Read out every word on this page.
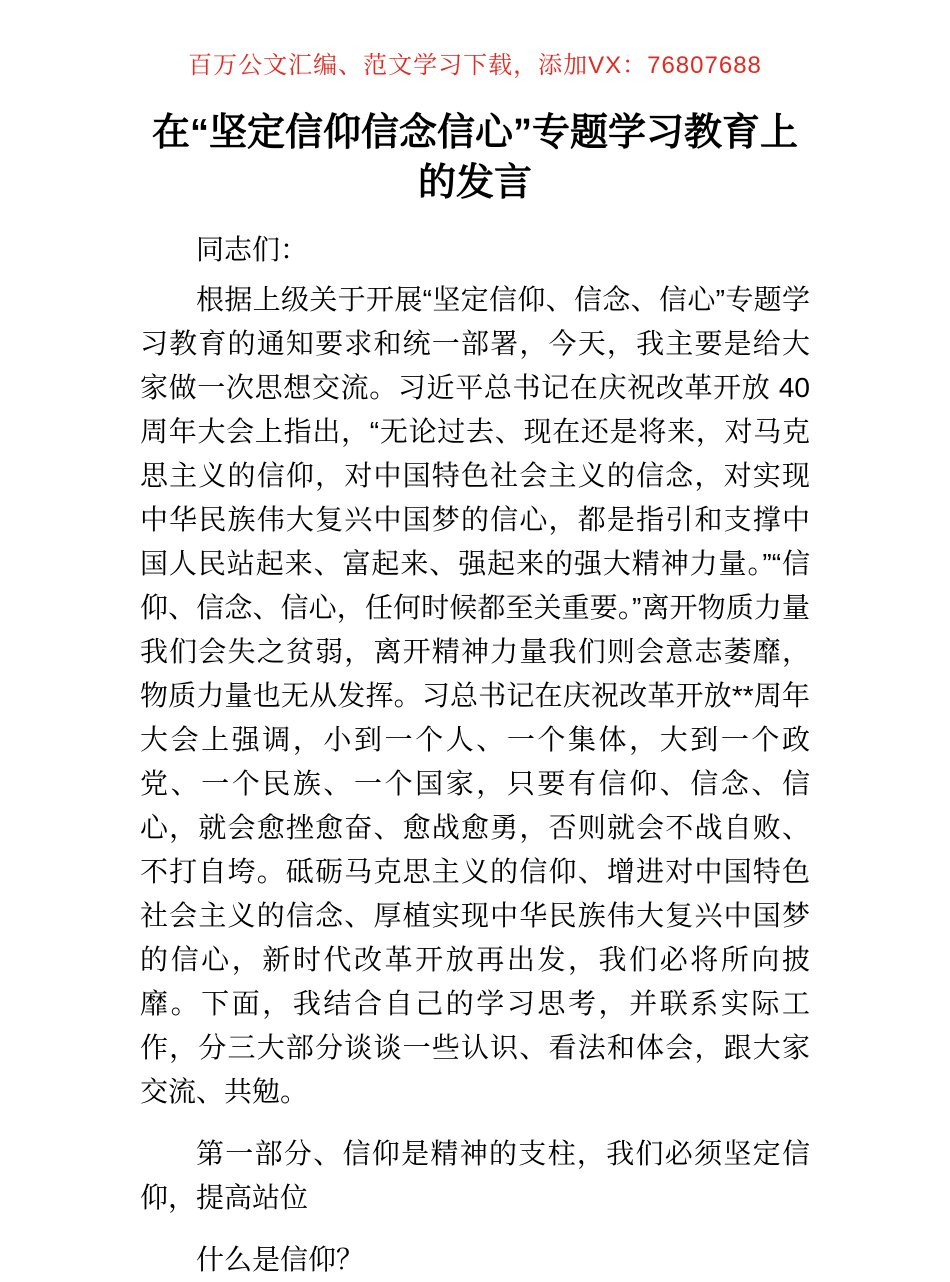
百万公文汇编、范文学习下载，添加VX：76807688
在“坚定信仰信念信心”专题学习教育上的发言

同志们：

根据上级关于开展“坚定信仰、信念、信心”专题学习教育的通知要求和统一部署，今天，我主要是给大家做一次思想交流。习近平总书记在庆祝改革开放 40 周年大会上指出，“无论过去、现在还是将来，对马克思主义的信仰，对中国特色社会主义的信念，对实现中华民族伟大复兴中国梦的信心，都是指引和支撑中国人民站起来、富起来、强起来的强大精神力量。”“信仰、信念、信心，任何时候都至关重要。”离开物质力量我们会失之贫弱，离开精神力量我们则会意志萎靡，物质力量也无从发挥。习总书记在庆祝改革开放**周年大会上强调，小到一个人、一个集体，大到一个政党、一个民族、一个国家，只要有信仰、信念、信心，就会愈挫愈奋、愈战愈勇，否则就会不战自败、不打自垮。砥砺马克思主义的信仰、增进对中国特色社会主义的信念、厚植实现中华民族伟大复兴中国梦的信心，新时代改革开放再出发，我们必将所向披靡。下面，我结合自己的学习思考，并联系实际工作，分三大部分谈谈一些认识、看法和体会，跟大家交流、共勉。

第一部分、信仰是精神的支柱，我们必须坚定信仰，提高站位

什么是信仰？
